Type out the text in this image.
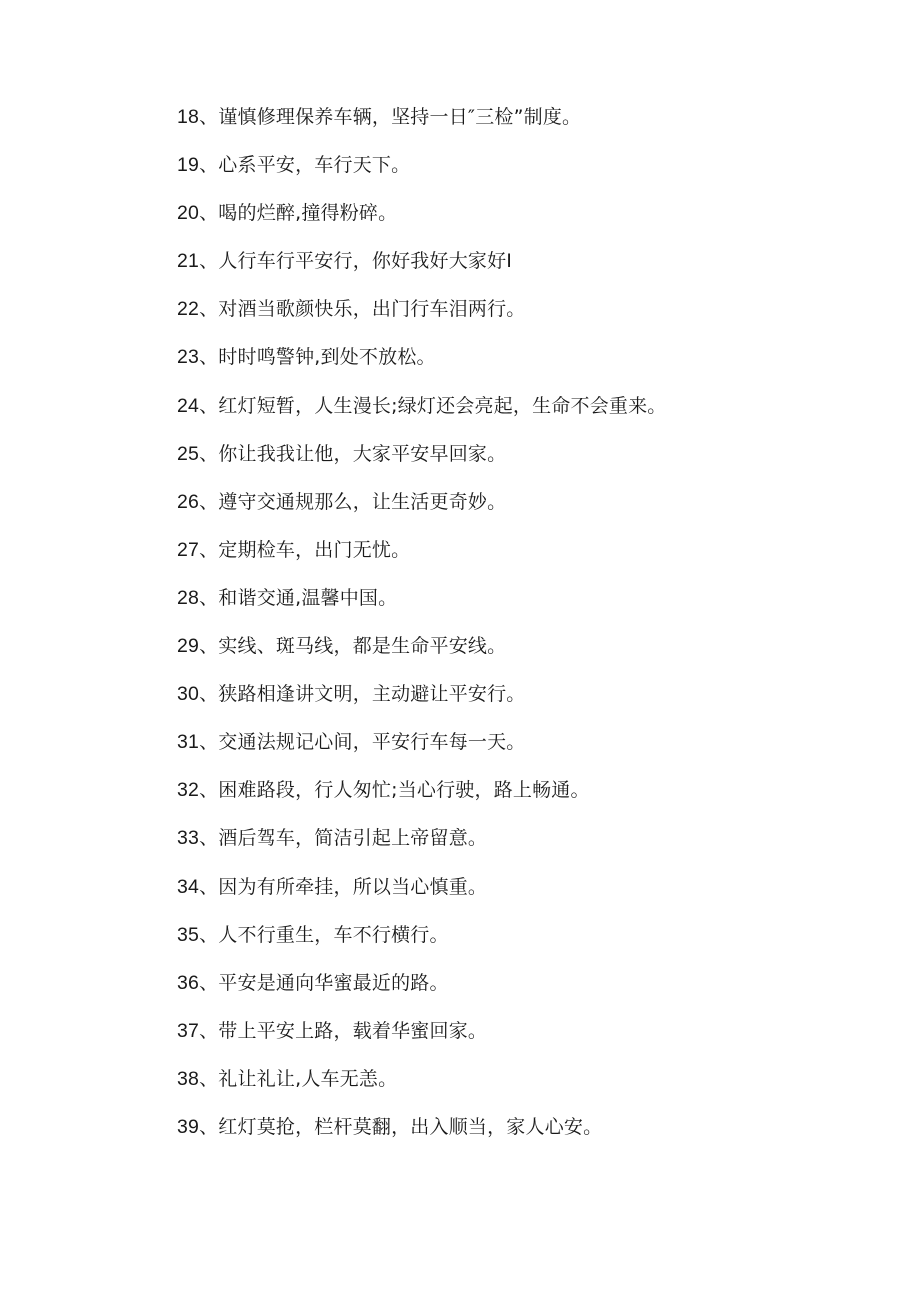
18、谨慎修理保养车辆，坚持一日″三检”制度。
19、心系平安，车行天下。
20、喝的烂醉,撞得粉碎。
21、人行车行平安行，你好我好大家好I
22、对酒当歌颜快乐，出门行车泪两行。
23、时时鸣警钟,到处不放松。
24、红灯短暂，人生漫长;绿灯还会亮起，生命不会重来。
25、你让我我让他，大家平安早回家。
26、遵守交通规那么，让生活更奇妙。
27、定期检车，出门无忧。
28、和谐交通,温馨中国。
29、实线、斑马线，都是生命平安线。
30、狭路相逢讲文明，主动避让平安行。
31、交通法规记心间，平安行车每一天。
32、困难路段，行人匆忙;当心行驶，路上畅通。
33、酒后驾车，简洁引起上帝留意。
34、因为有所牵挂，所以当心慎重。
35、人不行重生，车不行横行。
36、平安是通向华蜜最近的路。
37、带上平安上路，载着华蜜回家。
38、礼让礼让,人车无恙。
39、红灯莫抢，栏杆莫翻，出入顺当，家人心安。
